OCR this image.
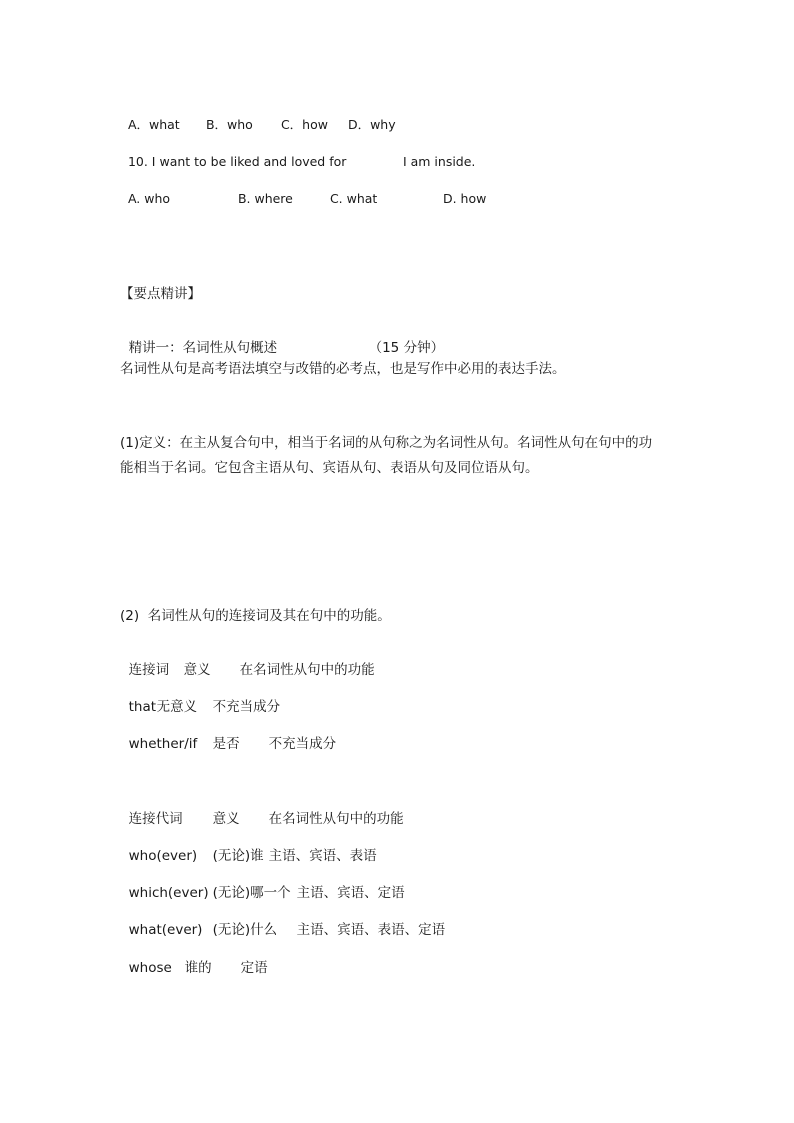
A．what B．who C．how D．why

10. I want to be liked and loved for	I am inside.

A. who	B. where	C. what	D. how

【要点精讲】

精讲一：名词性从句概述	（15 分钟）

名词性从句是高考语法填空与改错的必考点，也是写作中必用的表达手法。
(1)定义：在主从复合句中，相当于名词的从句称之为名词性从句。名词性从句在句中的功
能相当于名词。它包含主语从句、宾语从句、表语从句及同位语从句。
(2)  名词性从句的连接词及其在句中的功能。

连接词 意义 在名词性从句中的功能

that无意义 不充当成分

whether/if 是否 不充当成分

连接代词 意义 在名词性从句中的功能

who(ever) (无论)谁 主语、宾语、表语

which(ever) (无论)哪一个 主语、宾语、定语

what(ever) (无论)什么 主语、宾语、表语、定语

whose 谁的 定语
